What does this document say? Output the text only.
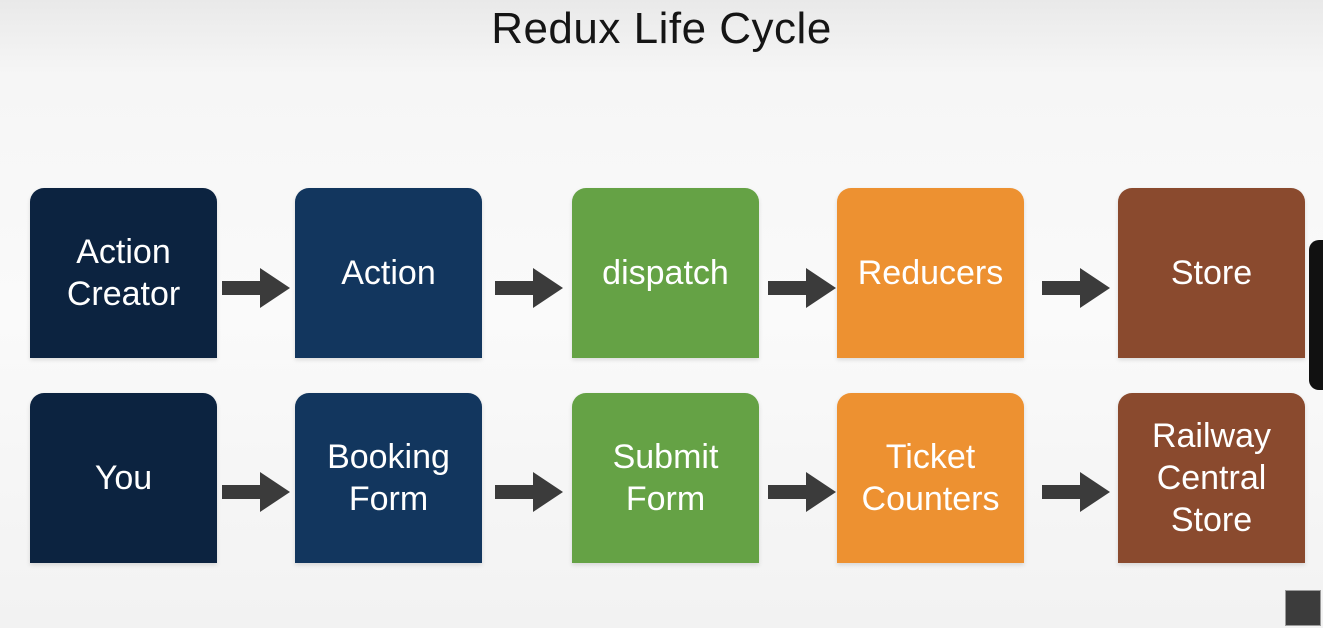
Redux Life Cycle
Action
Creator
Action	dispatch	Reducers	Store
You
Booking
Form
Submit
Form
Ticket
Counters
Railway
Central
Store
